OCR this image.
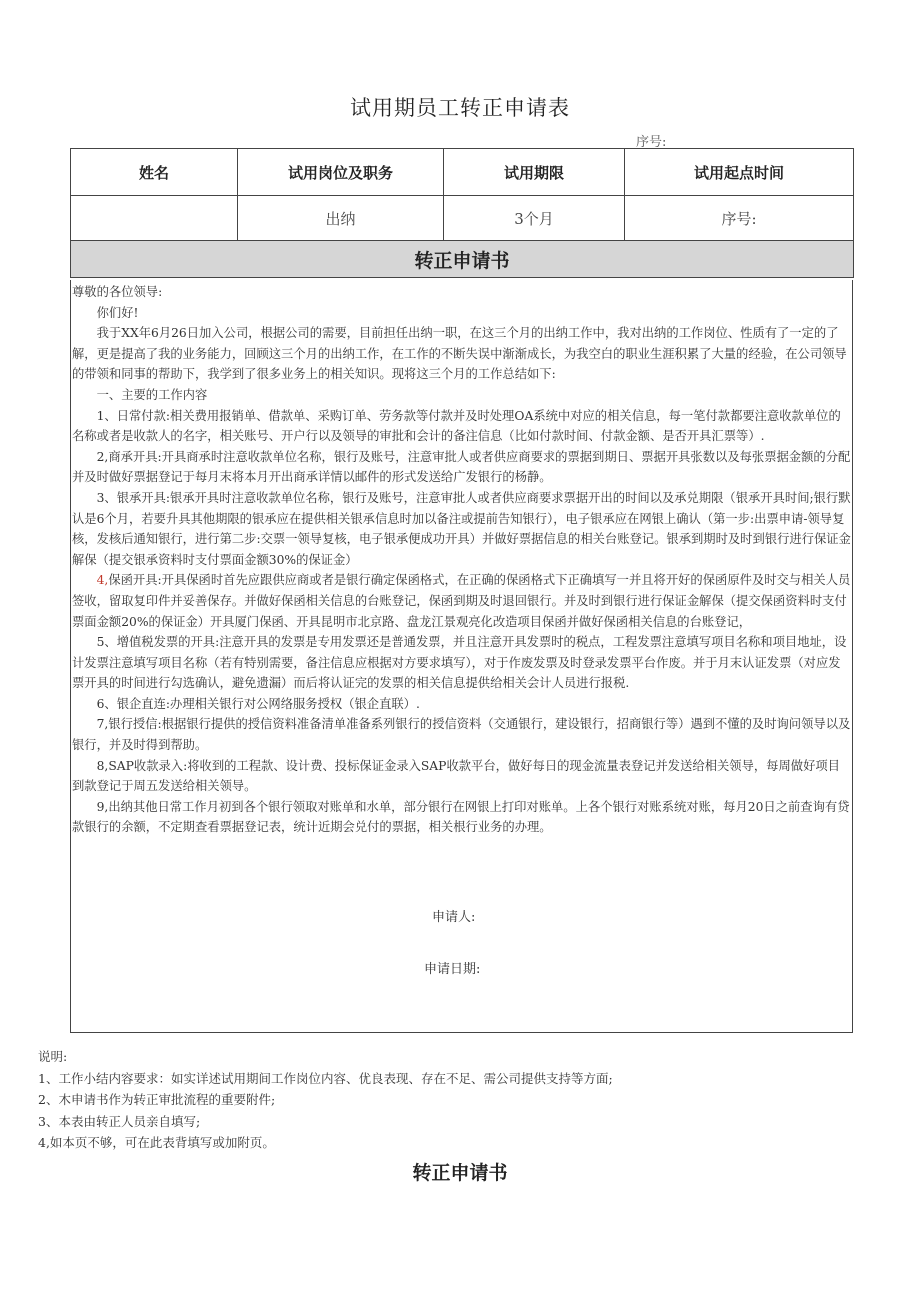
试用期员工转正申请表
序号:
姓名	试用岗位及职务	试用期限	试用起点时间
	出纳	3个月	序号:
转正申请书			

尊敬的各位领导:

你们好!

我于XX年6月26日加入公司，根据公司的需要，目前担任出纳一职，在这三个月的出纳工作中，我对出纳的工作岗位、性质有了一定的了解，更是提高了我的业务能力，回顾这三个月的出纳工作，在工作的不断失误中渐渐成长，为我空白的职业生涯积累了大量的经验，在公司领导的带领和同事的帮助下，我学到了很多业务上的相关知识。现将这三个月的工作总结如下:

一、主要的工作内容

1、日常付款:相关费用报销单、借款单、采购订单、劳务款等付款并及时处理OA系统中对应的相关信息，每一笔付款都要注意收款单位的名称或者是收款人的名字，相关账号、开户行以及领导的审批和会计的备注信息（比如付款时间、付款金额、是否开具汇票等）.

2,商承开具:开具商承时注意收款单位名称，银行及账号，注意审批人或者供应商要求的票据到期日、票据开具张数以及每张票据金额的分配并及时做好票据登记于每月末将本月开出商承详情以邮件的形式发送给广发银行的杨静。

3、银承开具:银承开具时注意收款单位名称，银行及账号，注意审批人或者供应商要求票据开出的时间以及承兑期限（银承开具时间;银行默认是6个月，若要升具其他期限的银承应在提供相关银承信息时加以备注或提前告知银行），电子银承应在网银上确认（第一步:出票申请-领导复核，发核后通知银行，进行第二步:交票一领导复核，电子银承便成功开具）并做好票据信息的相关台账登记。银承到期时及时到银行进行保证金解保（提交银承资料时支付票面金额30%的保证金）

4,保函开具:开具保函时首先应跟供应商或者是银行确定保函格式，在正确的保函格式下正确填写一并且将开好的保函原件及时交与相关人员签收，留取复印件并妥善保存。并做好保函相关信息的台账登记，保函到期及时退回银行。并及时到银行进行保证金解保（提交保函资料时支付票面金额20%的保证金）开具厦门保函、开具昆明市北京路、盘龙江景观亮化改造项目保函并做好保函相关信息的台账登记，

5、增值税发票的开具:注意开具的发票是专用发票还是普通发票，并且注意开具发票时的税点，工程发票注意填写项目名称和项目地址，设计发票注意填写项目名称（若有特别需要，备注信息应根据对方要求填写），对于作废发票及时登录发票平台作废。并于月末认证发票（对应发票开具的时间进行勾选确认，避免遗漏）而后将认证完的发票的相关信息提供给相关会计人员进行报税.

6、银企直连:办理相关银行对公网络服务授权（银企直联）.

7,银行授信:根据银行提供的授信资料准备清单准备系列银行的授信资料（交通银行，建设银行，招商银行等）遇到不懂的及时询问领导以及银行，并及时得到帮助。

8,SAP收款录入:将收到的工程款、设计费、投标保证金录入SAP收款平台，做好每日的现金流量表登记并发送给相关领导，每周做好项目到款登记于周五发送给相关领导。

9,出纳其他日常工作月初到各个银行领取对账单和水单，部分银行在网银上打印对账单。上各个银行对账系统对账，每月20日之前查询有贷款银行的余额，不定期查看票据登记表，统计近期会兑付的票据，相关根行业务的办理。

申请人:
申请日期:

说明:

1、工作小结内容要求：如实详述试用期间工作岗位内容、优良表现、存在不足、需公司提供支持等方面;

2、木申请书作为转正审批流程的重要附件;

3、本表由转正人员亲自填写;

4,如本页不够，可在此表背填写或加附页。

转正申请书
